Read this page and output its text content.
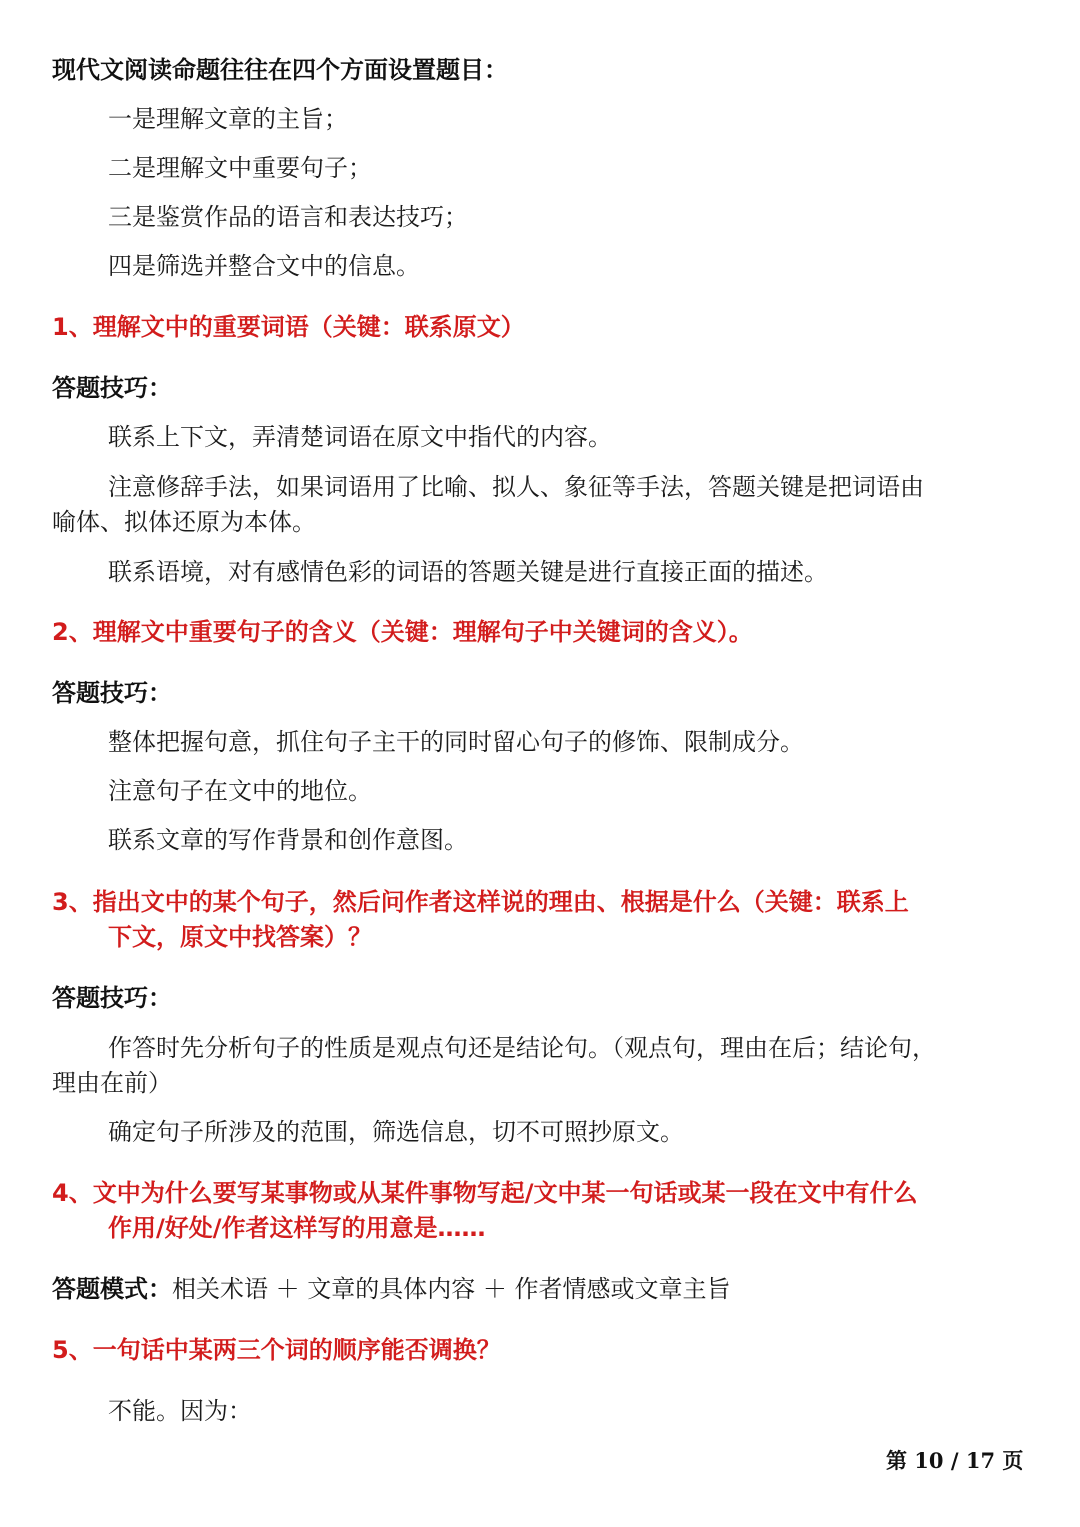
现代文阅读命题往往在四个方面设置题目：
一是理解文章的主旨；
二是理解文中重要句子；
三是鉴赏作品的语言和表达技巧；
四是筛选并整合文中的信息。
1、理解文中的重要词语（关键：联系原文）
答题技巧：
联系上下文，弄清楚词语在原文中指代的内容。
注意修辞手法，如果词语用了比喻、拟人、象征等手法，答题关键是把词语由
喻体、拟体还原为本体。
联系语境，对有感情色彩的词语的答题关键是进行直接正面的描述。
2、理解文中重要句子的含义（关键：理解句子中关键词的含义）。
答题技巧：
整体把握句意，抓住句子主干的同时留心句子的修饰、限制成分。
注意句子在文中的地位。
联系文章的写作背景和创作意图。
3、指出文中的某个句子，然后问作者这样说的理由、根据是什么（关键：联系上
下文，原文中找答案）？
答题技巧：
作答时先分析句子的性质是观点句还是结论句。（观点句，理由在后；结论句，
理由在前）
确定句子所涉及的范围，筛选信息，切不可照抄原文。
4、文中为什么要写某事物或从某件事物写起/文中某一句话或某一段在文中有什么
作用/好处/作者这样写的用意是……
答题模式：相关术语 ＋ 文章的具体内容 ＋ 作者情感或文章主旨
5、一句话中某两三个词的顺序能否调换？
不能。因为：
第 10 / 17 页
